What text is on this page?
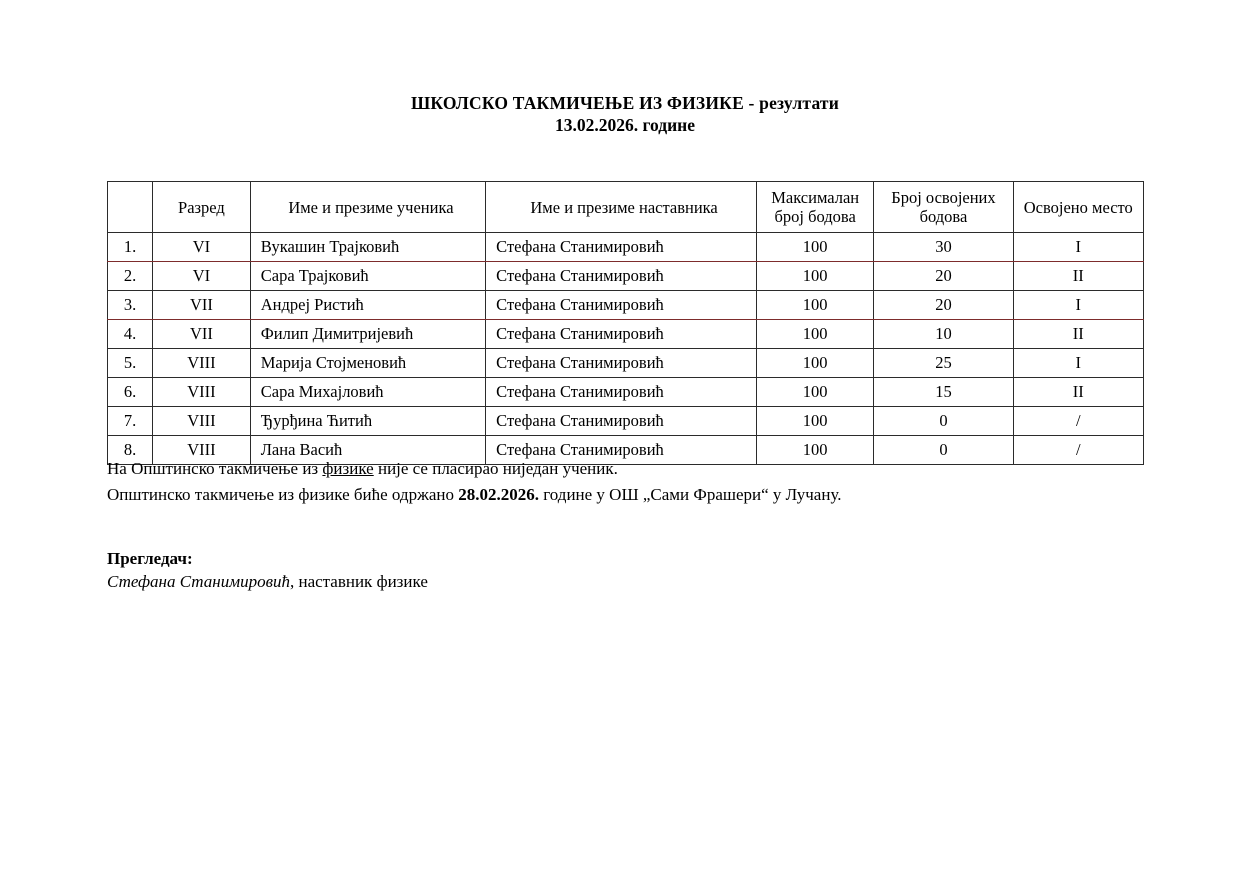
ШКОЛСКО ТАКМИЧЕЊЕ ИЗ ФИЗИКЕ - резултати
13.02.2026. године
	Разред	Име и презиме ученика	Име и презиме наставника	Максималан број бодова	Број освојених бодова	Освојено место
1.	VI	Вукашин Трајковић	Стефана Станимировић	100	30	I
2.	VI	Сара Трајковић	Стефана Станимировић	100	20	II
3.	VII	Андреј Ристић	Стефана Станимировић	100	20	I
4.	VII	Филип Димитријевић	Стефана Станимировић	100	10	II
5.	VIII	Марија Стојменовић	Стефана Станимировић	100	25	I
6.	VIII	Сара Михајловић	Стефана Станимировић	100	15	II
7.	VIII	Ђурђина Ћитић	Стефана Станимировић	100	0	/
8.	VIII	Лана Васић	Стефана Станимировић	100	0	/
На Општинско такмичење из физике није се пласирао ниједан ученик.
Општинско такмичење из физике биће одржано 28.02.2026. године у ОШ „Сами Фрашери“ у Лучану.
Прегледач:
Стефана Станимировић, наставник физике
